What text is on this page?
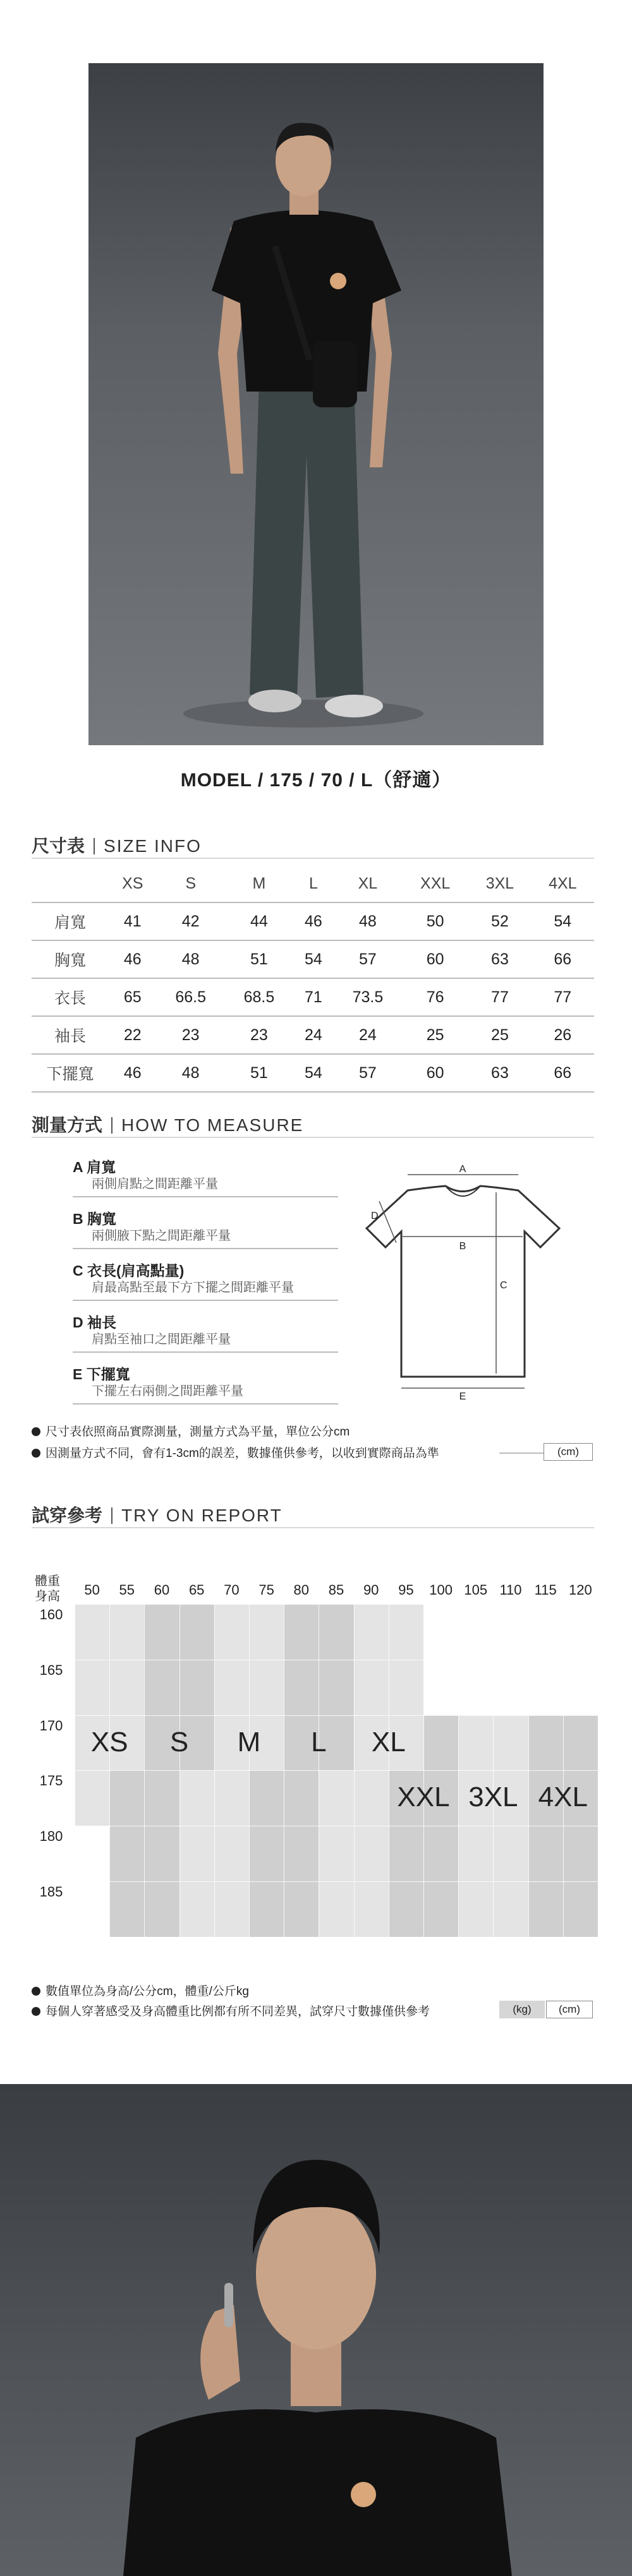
MODEL / 175 / 70 / L（舒適）
尺寸表 SIZE INFO
	XS	S	M	L	XL	XXL	3XL	4XL
肩寬	41	42	44	46	48	50	52	54
胸寬	46	48	51	54	57	60	63	66
衣長	65	66.5	68.5	71	73.5	76	77	77
袖長	22	23	23	24	24	25	25	26
下擺寬	46	48	51	54	57	60	63	66
測量方式 HOW TO MEASURE
A 肩寬
兩側肩點之間距離平量
B 胸寬
兩側腋下點之間距離平量
C 衣長(肩高點量)
肩最高點至最下方下擺之間距離平量
D 袖長
肩點至袖口之間距離平量
E 下擺寬
下擺左右兩側之間距離平量
A
D
B
C
E
尺寸表依照商品實際測量，測量方式為平量，單位公分cm
因測量方式不同，會有1-3cm的誤差，數據僅供參考，以收到實際商品為準	(cm)
試穿參考 TRY ON REPORT
體重
身高	50	55	60	65	70	75	80	85	90	95	100 105 110 115 120
160
165
170
175
180
185
XS	S	M	L	XL
XXL 3XL 4XL
數值單位為身高/公分cm，體重/公斤kg
每個人穿著感受及身高體重比例都有所不同差異，試穿尺寸數據僅供參考	(kg)	(cm)
